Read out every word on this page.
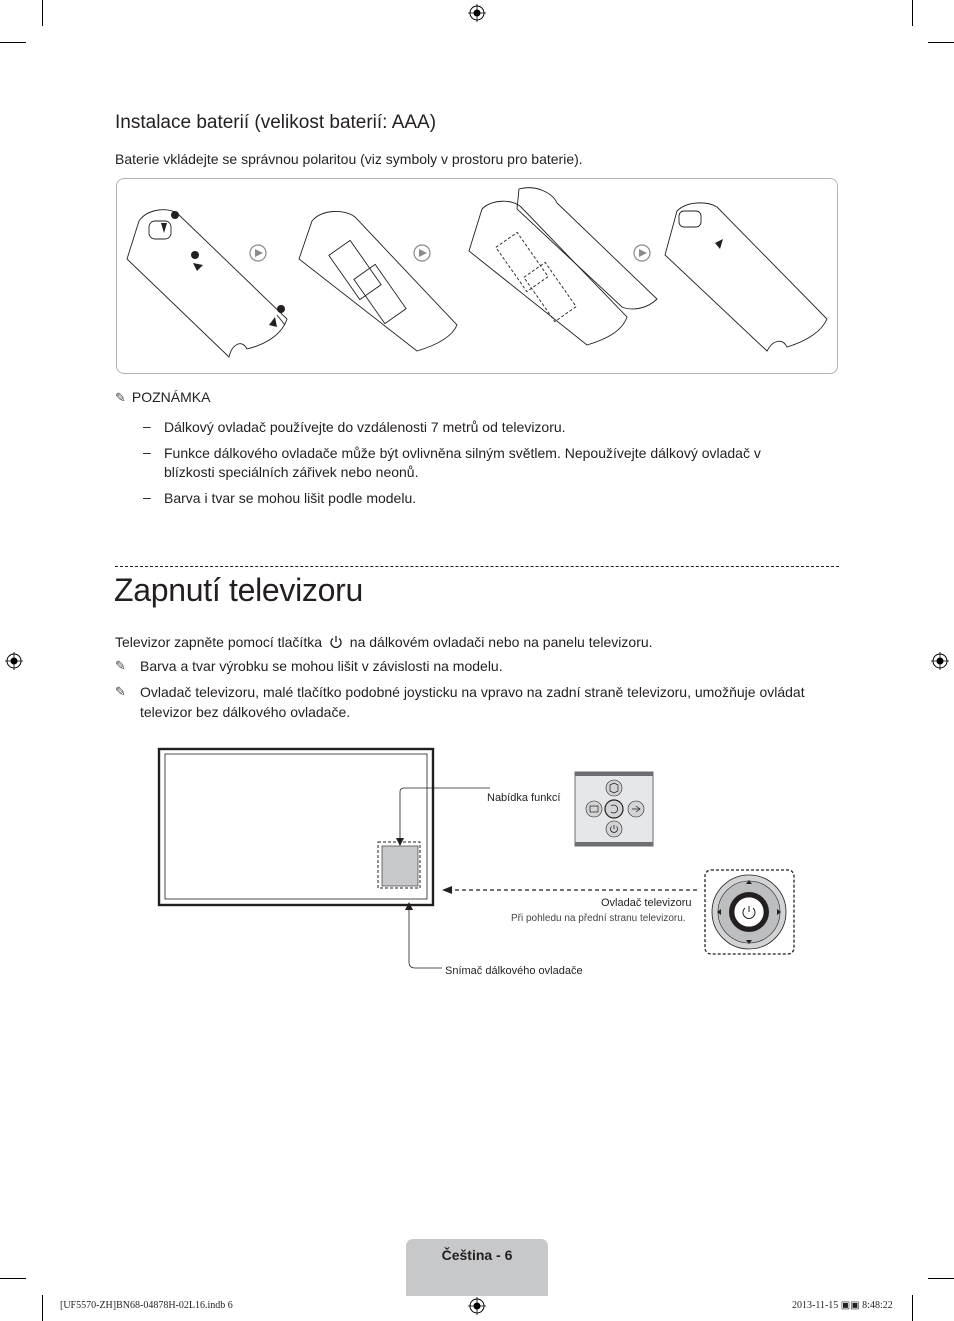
Instalace baterií (velikost baterií: AAA)
Baterie vkládejte se správnou polaritou (viz symboly v prostoru pro baterie).
✎ POZNÁMKA
– Dálkový ovladač používejte do vzdálenosti 7 metrů od televizoru.
– Funkce dálkového ovladače může být ovlivněna silným světlem. Nepoužívejte dálkový ovladač v blízkosti speciálních zářivek nebo neonů.
– Barva i tvar se mohou lišit podle modelu.
Zapnutí televizoru
Televizor zapněte pomocí tlačítka na dálkovém ovladači nebo na panelu televizoru.
✎ Barva a tvar výrobku se mohou lišit v závislosti na modelu.
✎ Ovladač televizoru, malé tlačítko podobné joysticku na vpravo na zadní straně televizoru, umožňuje ovládat televizor bez dálkového ovladače.
Nabídka funkcí
Ovladač televizoru
Při pohledu na přední stranu televizoru.
Snímač dálkového ovladače
Čeština - 6
[UF5570-ZH]BN68-04878H-02L16.indb 6	2013-11-15 ▣▣ 8:48:22
